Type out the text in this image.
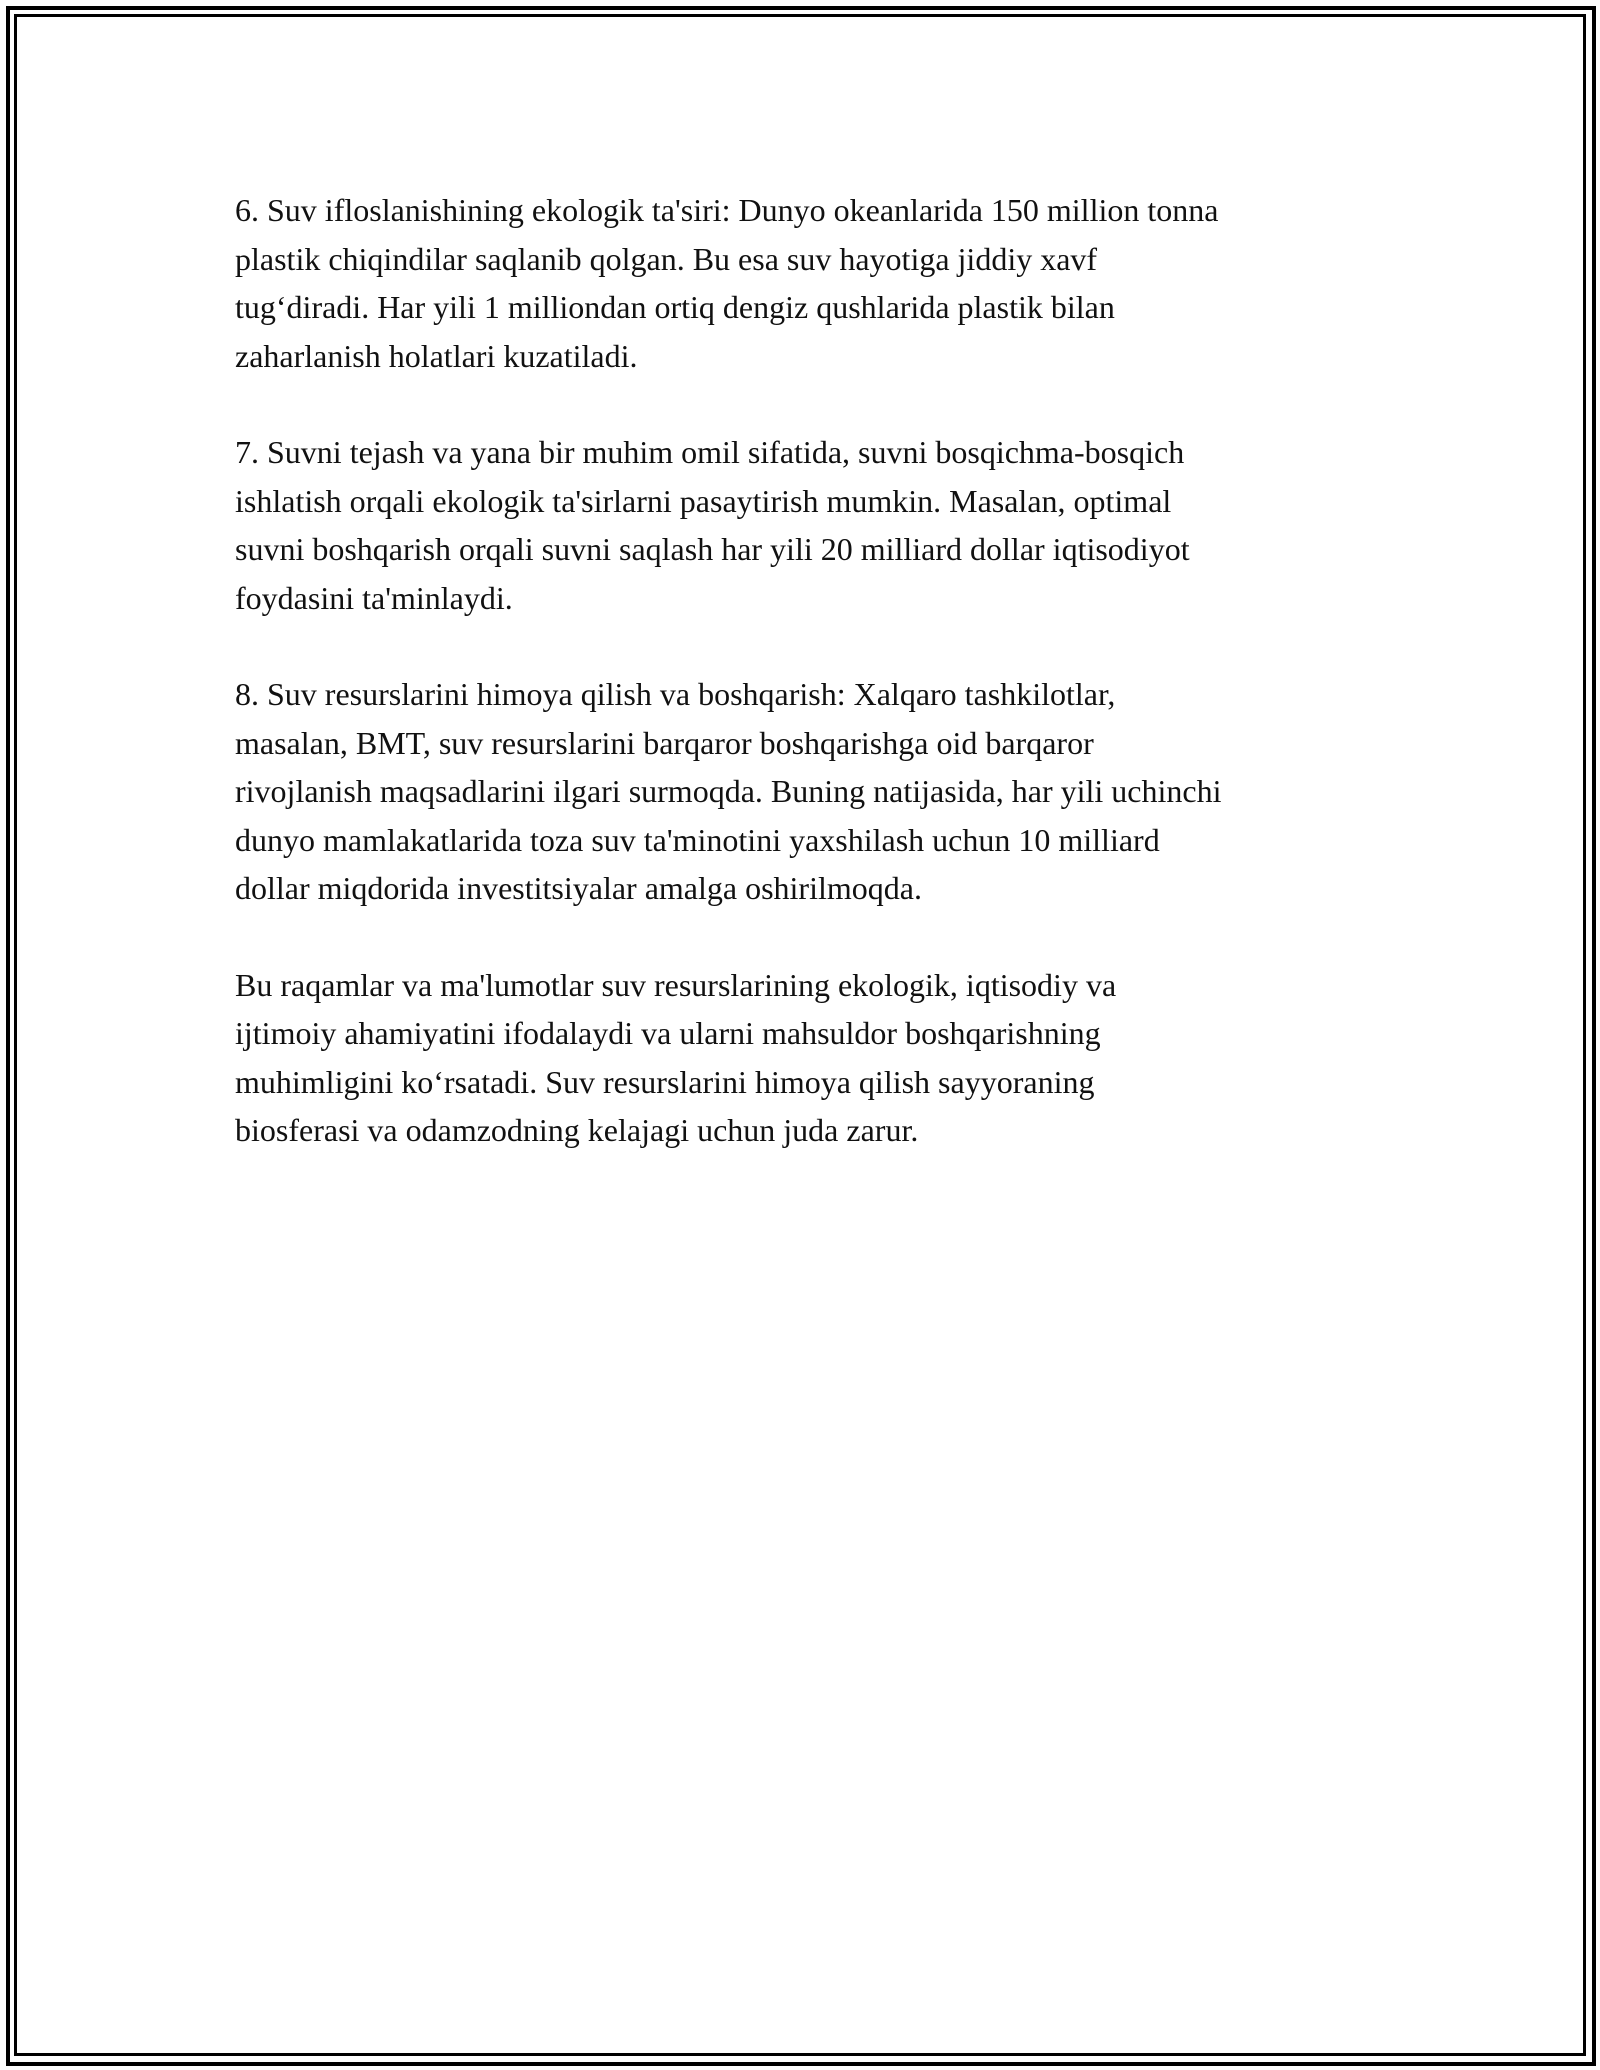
6. Suv ifloslanishining ekologik ta'siri: Dunyo okeanlarida 150 million tonna
plastik chiqindilar saqlanib qolgan. Bu esa suv hayotiga jiddiy xavf
tug‘diradi. Har yili 1 milliondan ortiq dengiz qushlarida plastik bilan
zaharlanish holatlari kuzatiladi.

7. Suvni tejash va yana bir muhim omil sifatida, suvni bosqichma-bosqich
ishlatish orqali ekologik ta'sirlarni pasaytirish mumkin. Masalan, optimal
suvni boshqarish orqali suvni saqlash har yili 20 milliard dollar iqtisodiyot
foydasini ta'minlaydi.

8. Suv resurslarini himoya qilish va boshqarish: Xalqaro tashkilotlar,
masalan, BMT, suv resurslarini barqaror boshqarishga oid barqaror
rivojlanish maqsadlarini ilgari surmoqda. Buning natijasida, har yili uchinchi
dunyo mamlakatlarida toza suv ta'minotini yaxshilash uchun 10 milliard
dollar miqdorida investitsiyalar amalga oshirilmoqda.

Bu raqamlar va ma'lumotlar suv resurslarining ekologik, iqtisodiy va
ijtimoiy ahamiyatini ifodalaydi va ularni mahsuldor boshqarishning
muhimligini ko‘rsatadi. Suv resurslarini himoya qilish sayyoraning
biosferasi va odamzodning kelajagi uchun juda zarur.
